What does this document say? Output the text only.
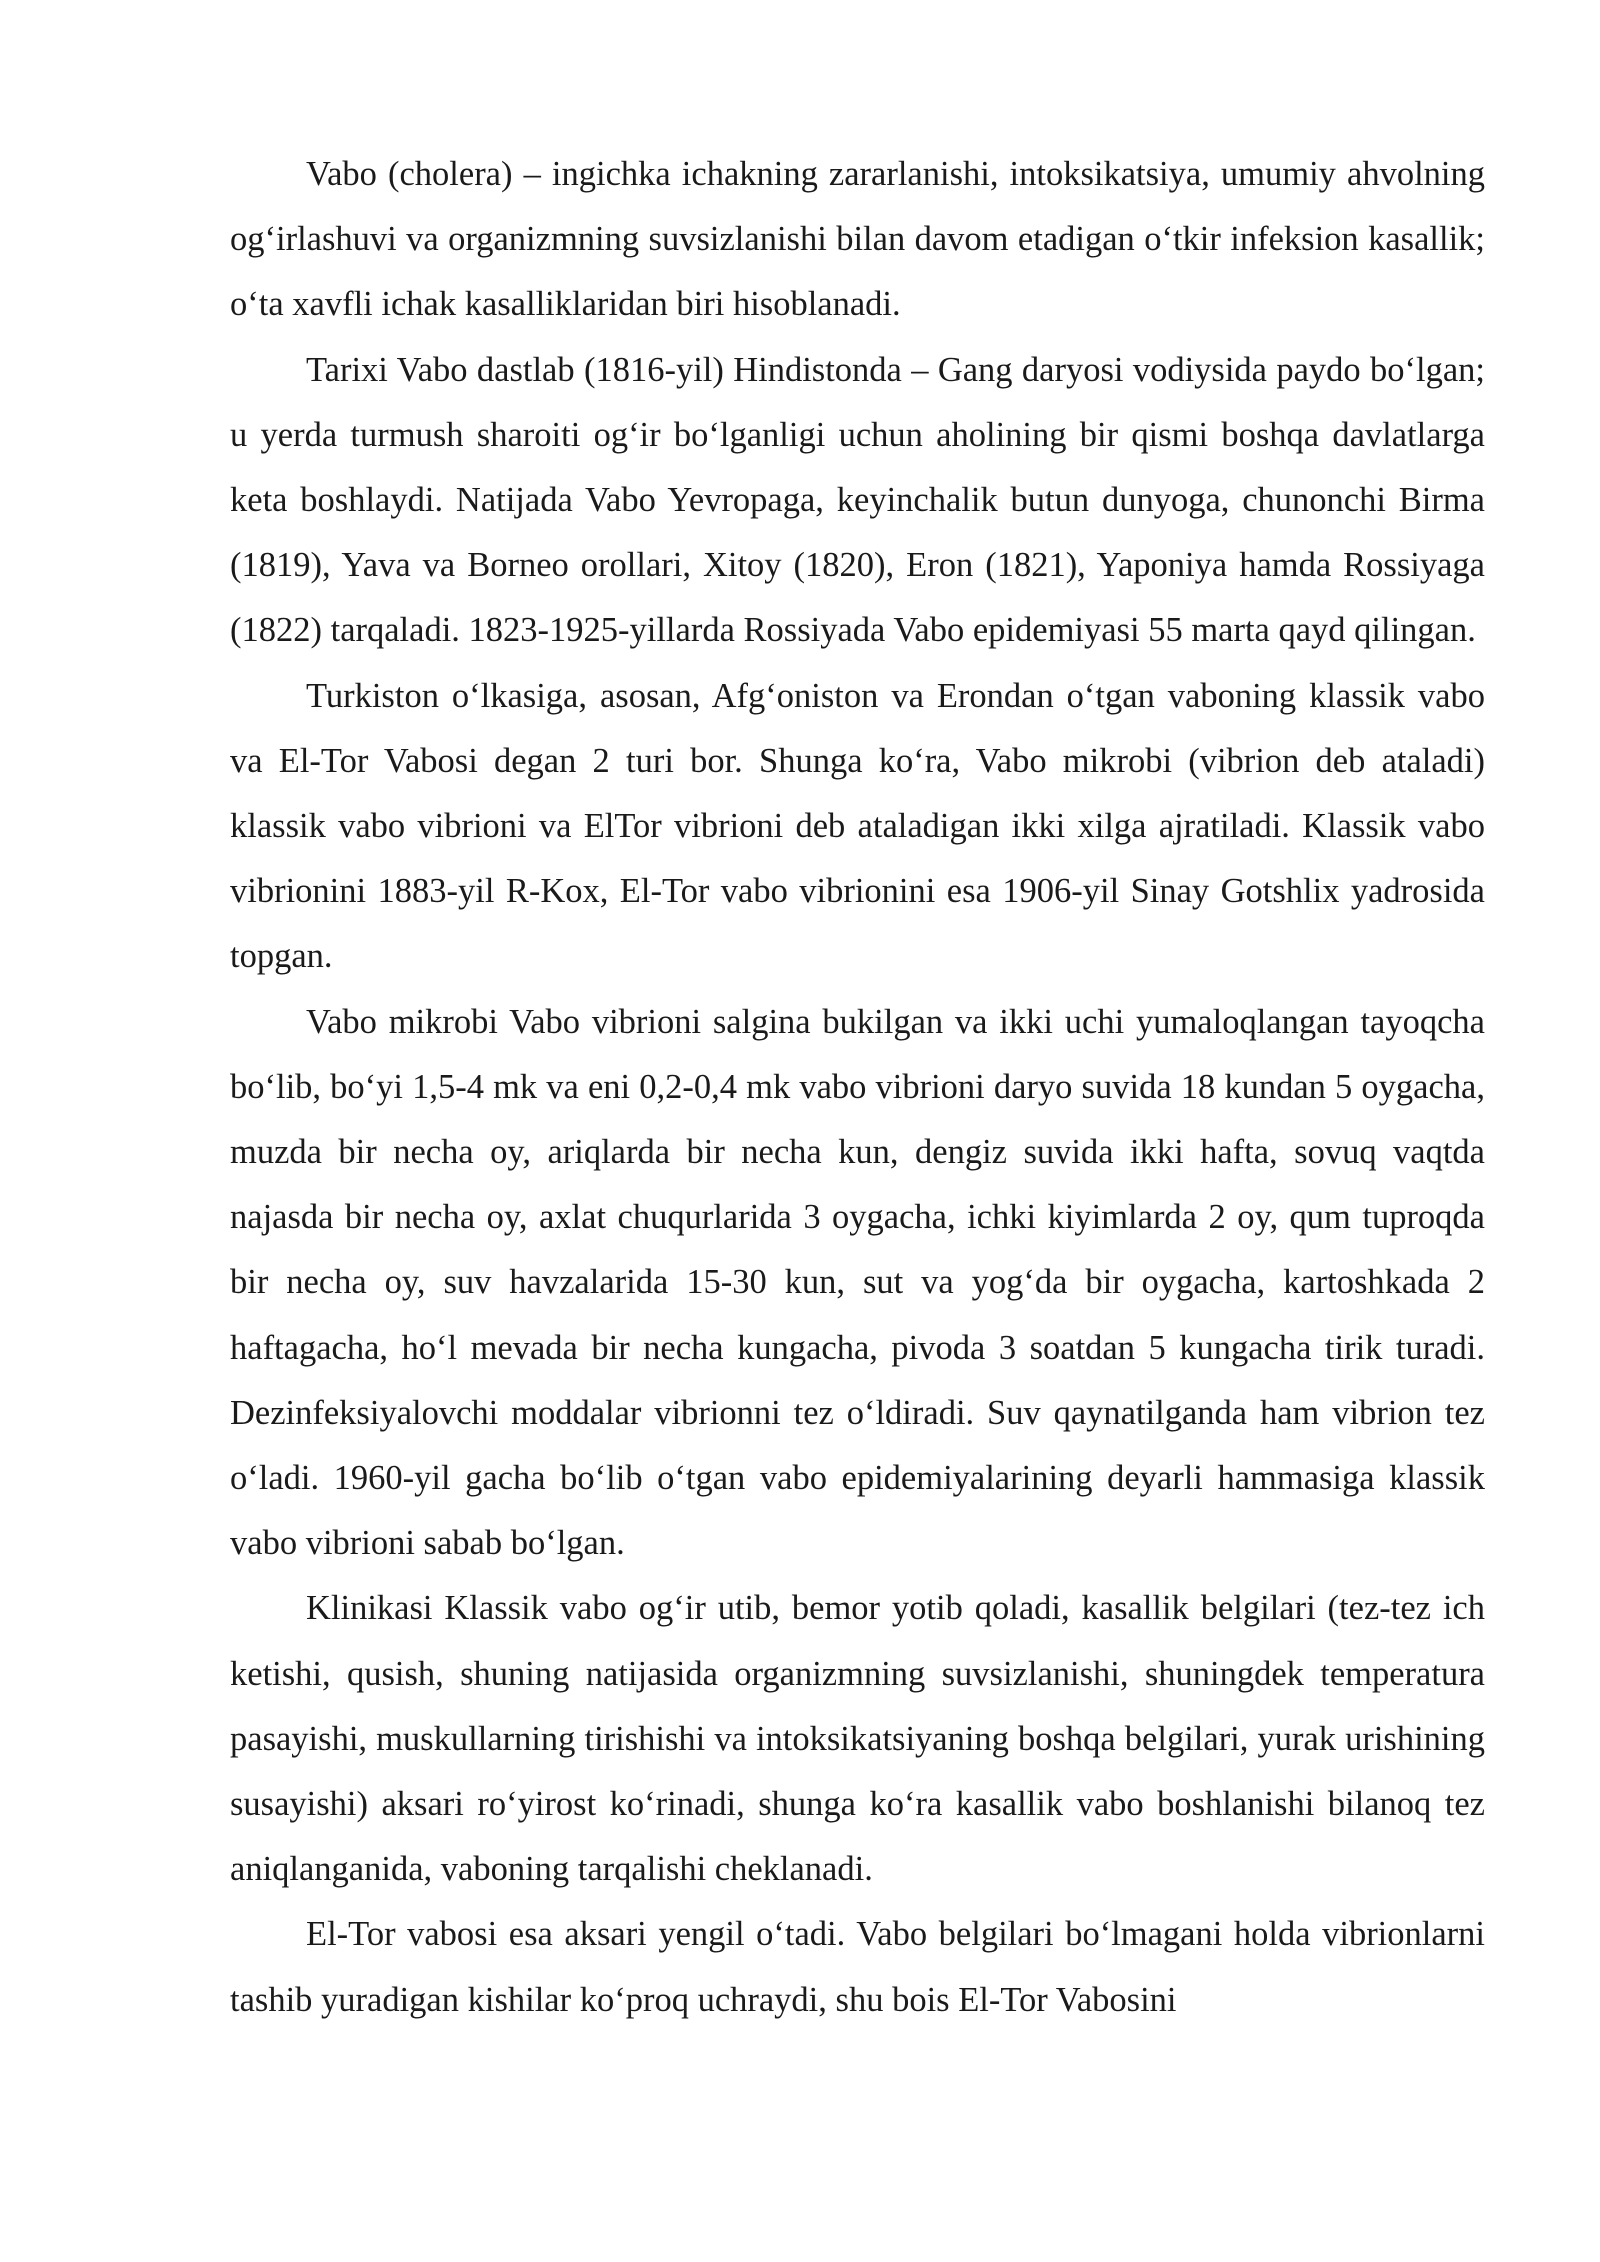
Vabo (cholera) – ingichka ichakning zararlanishi, intoksikatsiya, umumiy ahvolning og‘irlashuvi va organizmning suvsizlanishi bilan davom etadigan o‘tkir infeksion kasallik; o‘ta xavfli ichak kasalliklaridan biri hisoblanadi.

Tarixi Vabo dastlab (1816-yil) Hindistonda – Gang daryosi vodiysida paydo bo‘lgan; u yerda turmush sharoiti og‘ir bo‘lganligi uchun aholining bir qismi boshqa davlatlarga keta boshlaydi. Natijada Vabo Yevropaga, keyinchalik butun dunyoga, chunonchi Birma (1819), Yava va Borneo orollari, Xitoy (1820), Eron (1821), Yaponiya hamda Rossiyaga (1822) tarqaladi. 1823-1925-yillarda Rossiyada Vabo epidemiyasi 55 marta qayd qilingan.

Turkiston o‘lkasiga, asosan, Afg‘oniston va Erondan o‘tgan vaboning klassik vabo va El-Tor Vabosi degan 2 turi bor. Shunga ko‘ra, Vabo mikrobi (vibrion deb ataladi) klassik vabo vibrioni va ElTor vibrioni deb ataladigan ikki xilga ajratiladi. Klassik vabo vibrionini 1883-yil R-Kox, El-Tor vabo vibrionini esa 1906-yil Sinay Gotshlix yadrosida topgan.

Vabo mikrobi Vabo vibrioni salgina bukilgan va ikki uchi yumaloqlangan tayoqcha bo‘lib, bo‘yi 1,5-4 mk va eni 0,2-0,4 mk vabo vibrioni daryo suvida 18 kundan 5 oygacha, muzda bir necha oy, ariqlarda bir necha kun, dengiz suvida ikki hafta, sovuq vaqtda najasda bir necha oy, axlat chuqurlarida 3 oygacha, ichki kiyimlarda 2 oy, qum tuproqda bir necha oy, suv havzalarida 15-30 kun, sut va yog‘da bir oygacha, kartoshkada 2 haftagacha, ho‘l mevada bir necha kungacha, pivoda 3 soatdan 5 kungacha tirik turadi. Dezinfeksiyalovchi moddalar vibrionni tez o‘ldiradi. Suv qaynatilganda ham vibrion tez o‘ladi. 1960-yil gacha bo‘lib o‘tgan vabo epidemiyalarining deyarli hammasiga klassik vabo vibrioni sabab bo‘lgan.

Klinikasi Klassik vabo og‘ir utib, bemor yotib qoladi, kasallik belgilari (tez-tez ich ketishi, qusish, shuning natijasida organizmning suvsizlanishi, shuningdek temperatura pasayishi, muskullarning tirishishi va intoksikatsiyaning boshqa belgilari, yurak urishining susayishi) aksari ro‘yirost ko‘rinadi, shunga ko‘ra kasallik vabo boshlanishi bilanoq tez aniqlanganida, vaboning tarqalishi cheklanadi.

El-Tor vabosi esa aksari yengil o‘tadi. Vabo belgilari bo‘lmagani holda vibrionlarni tashib yuradigan kishilar ko‘proq uchraydi, shu bois El-Tor Vabosini
